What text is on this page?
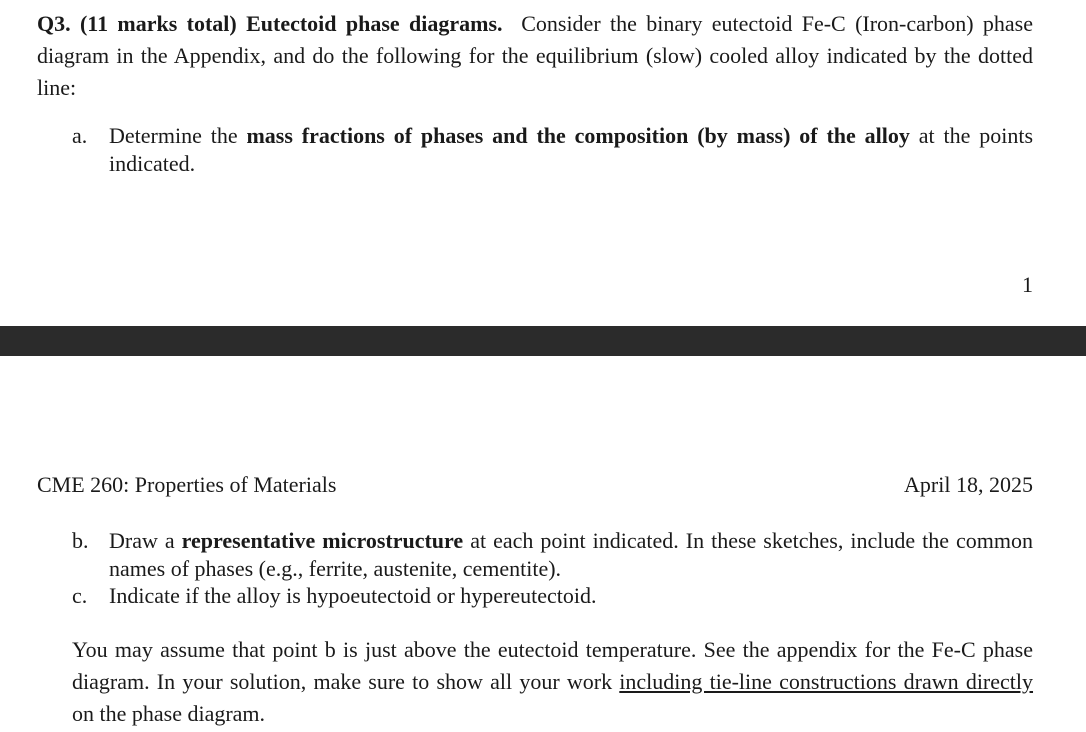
Q3. (11 marks total) Eutectoid phase diagrams. Consider the binary eutectoid Fe-C (Iron-carbon) phase diagram in the Appendix, and do the following for the equilibrium (slow) cooled alloy indicated by the dotted line:

a. Determine the mass fractions of phases and the composition (by mass) of the alloy at the points indicated.

1

CME 260: Properties of Materials	April 18, 2025

b. Draw a representative microstructure at each point indicated. In these sketches, include the common names of phases (e.g., ferrite, austenite, cementite).

c. Indicate if the alloy is hypoeutectoid or hypereutectoid.

You may assume that point b is just above the eutectoid temperature. See the appendix for the Fe-C phase diagram. In your solution, make sure to show all your work including tie-line constructions drawn directly on the phase diagram.
